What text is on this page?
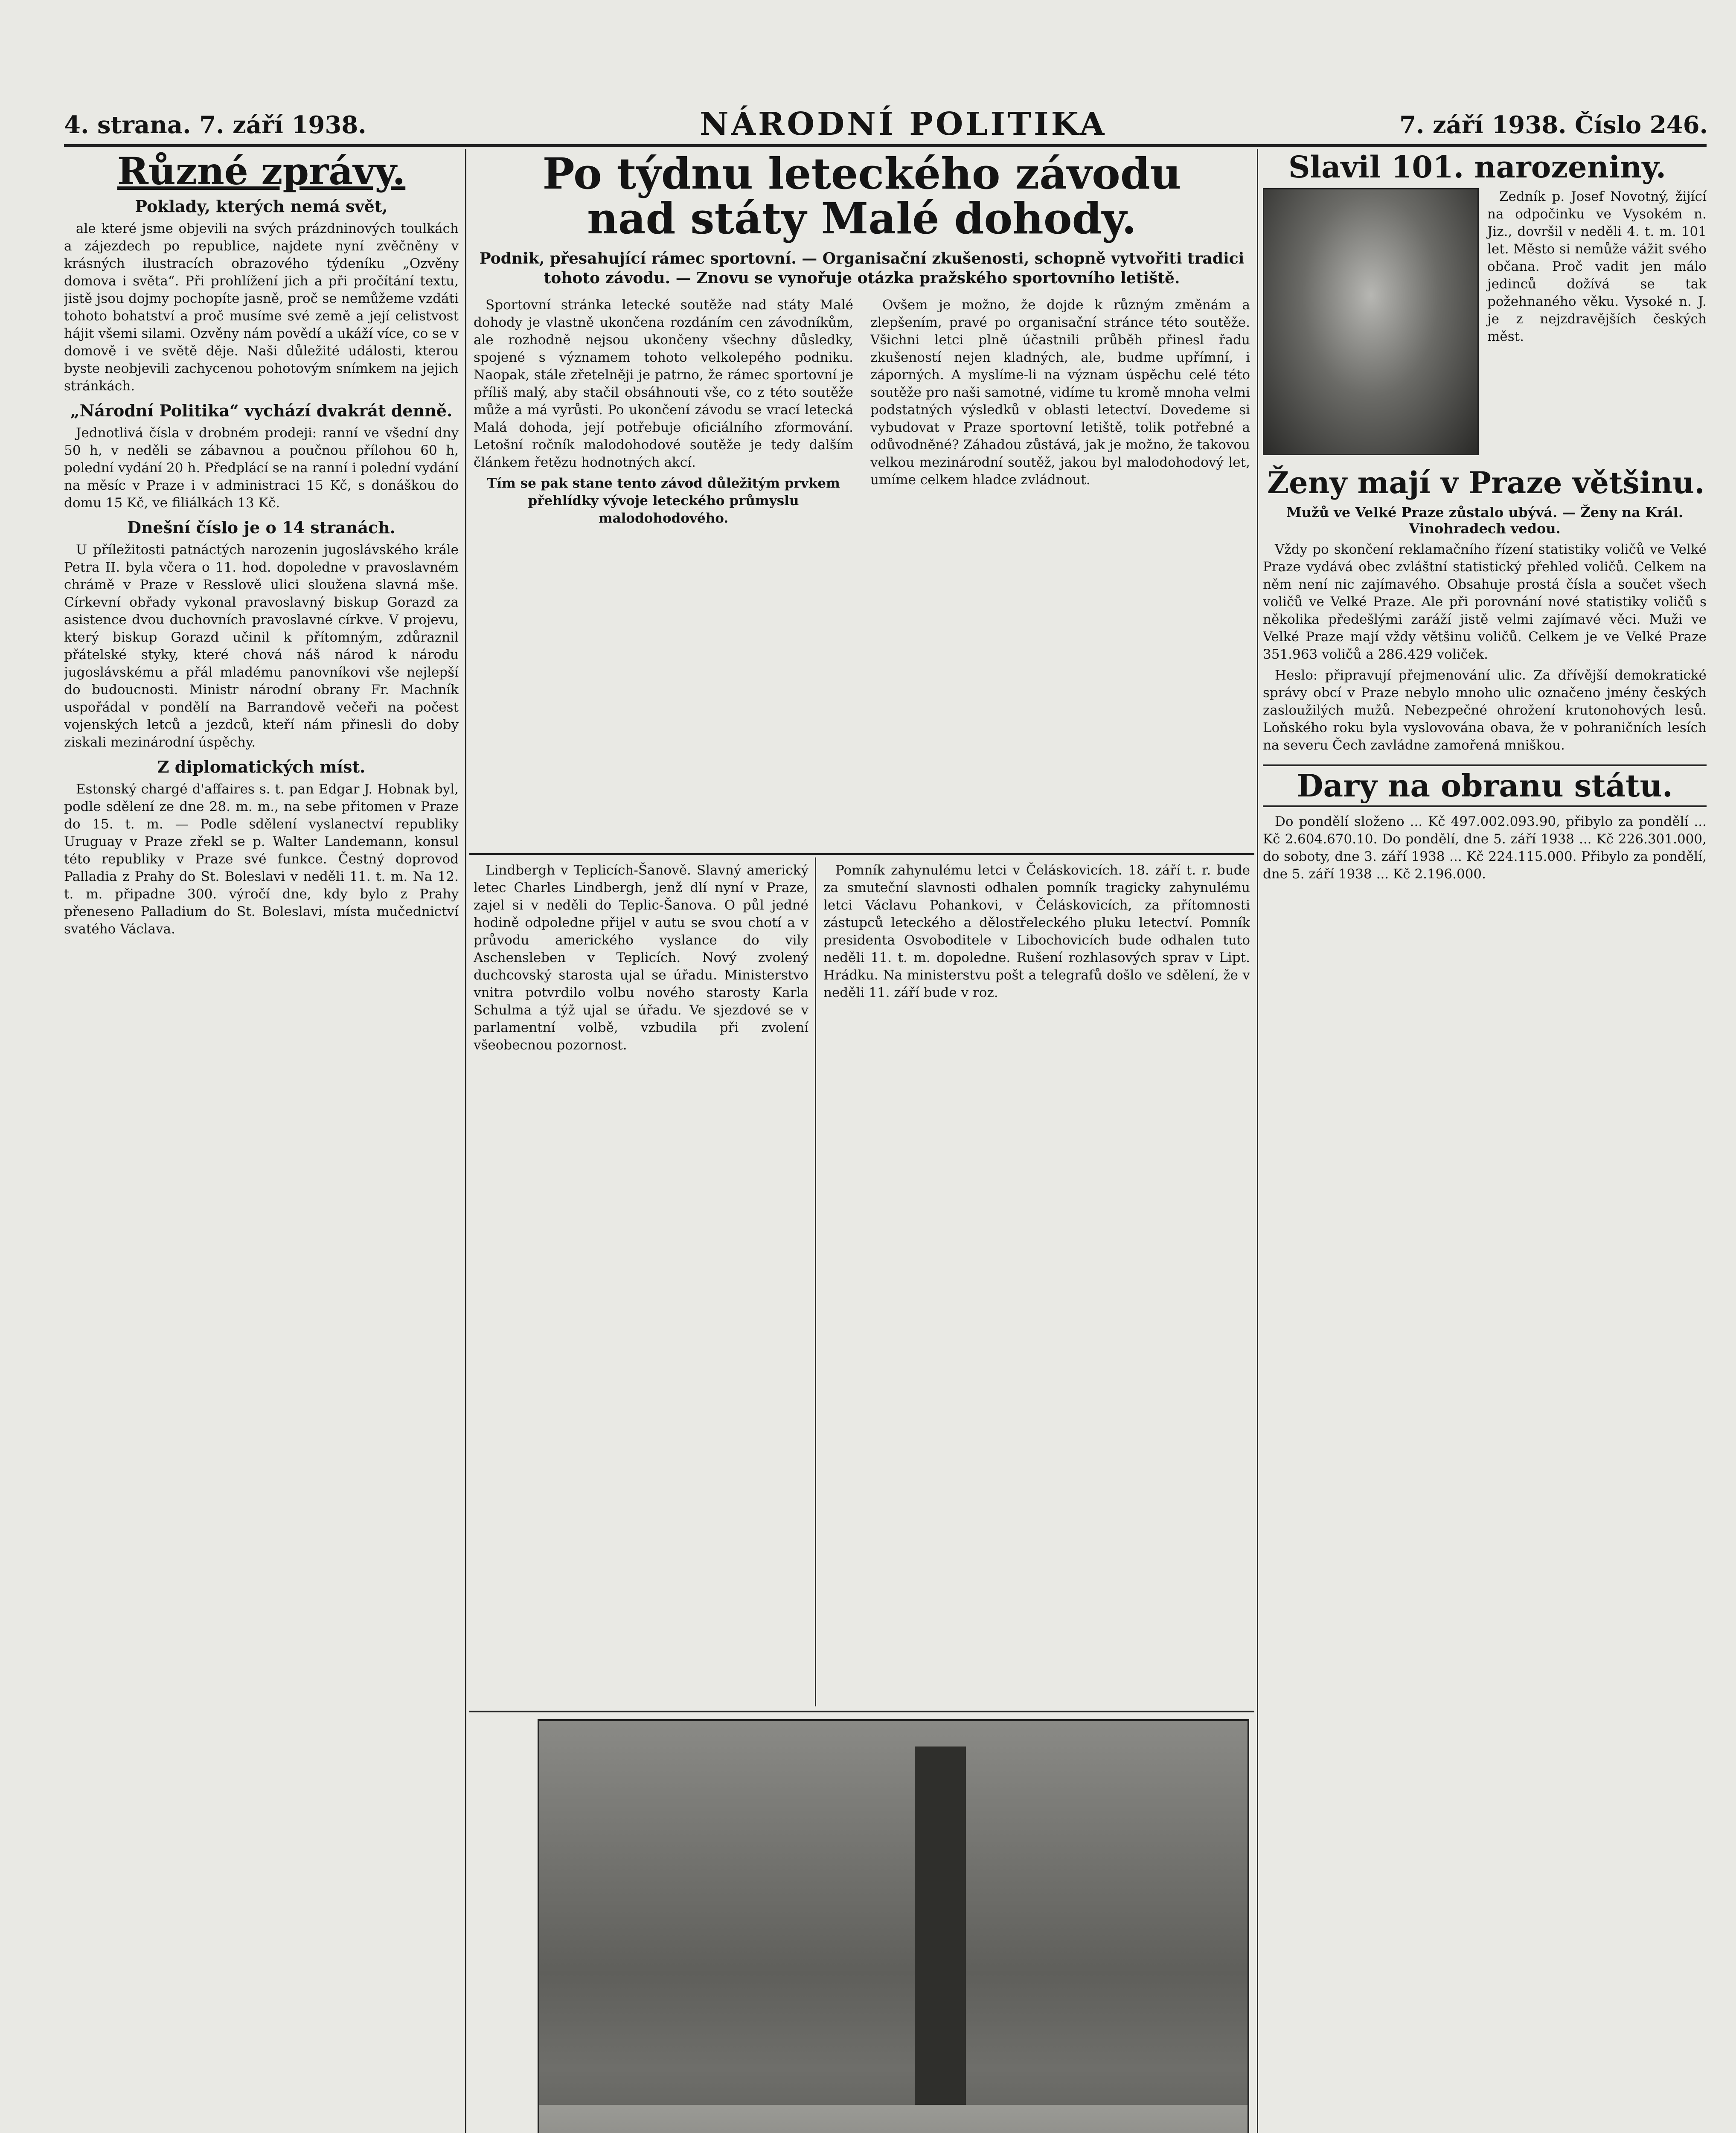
4. strana. 7. září 1938.	NÁRODNÍ POLITIKA	7. září 1938. Číslo 246.
Různé zprávy.
Poklady, kterých nemá svět,

ale které jsme objevili na svých prázdninových toulkách a zájezdech po republice, najdete nyní zvěčněny v krásných ilustracích obrazového týdeníku „Ozvěny domova i světa“. Při prohlížení jich a při pročítání textu, jistě jsou dojmy pochopíte jasně, proč se nemůžeme vzdáti tohoto bohatství a proč musíme své země a její celistvost hájit všemi silami. Ozvěny nám povědí a ukáží více, co se v domově i ve světě děje. Naši důležité události, kterou byste neobjevili zachycenou pohotovým snímkem na jejich stránkách.

„Národní Politika“ vychází dvakrát denně.

Jednotlivá čísla v drobném prodeji: ranní ve všední dny 50 h, v neděli se zábavnou a poučnou přílohou 60 h, polední vydání 20 h. Předplácí se na ranní i polední vydání na měsíc v Praze i v administraci 15 Kč, s donáškou do domu 15 Kč, ve filiálkách 13 Kč.

Dnešní číslo je o 14 stranách.

U příležitosti patnáctých narozenin jugoslávského krále Petra II. byla včera o 11. hod. dopoledne v pravoslavném chrámě v Praze v Resslově ulici sloužena slavná mše. Církevní obřady vykonal pravoslavný biskup Gorazd za asistence dvou duchovních pravoslavné církve. V projevu, který biskup Gorazd učinil k přítomným, zdůraznil přátelské styky, které chová náš národ k národu jugoslávskému a přál mladému panovníkovi vše nejlepší do budoucnosti. Ministr národní obrany Fr. Machník uspořádal v pondělí na Barrandově večeři na počest vojenských letců a jezdců, kteří nám přinesli do doby ziskali mezinárodní úspěchy.

Z diplomatických míst.

Estonský chargé d'affaires s. t. pan Edgar J. Hobnak byl, podle sdělení ze dne 28. m. m., na sebe přitomen v Praze do 15. t. m. — Podle sdělení vyslanectví republiky Uruguay v Praze zřekl se p. Walter Landemann, konsul této republiky v Praze své funkce. Čestný doprovod Palladia z Prahy do St. Boleslavi v neděli 11. t. m. Na 12. t. m. připadne 300. výročí dne, kdy bylo z Prahy přeneseno Palladium do St. Boleslavi, místa mučednictví svatého Václava.

Po týdnu leteckého závodu
nad státy Malé dohody.
Podnik, přesahující rámec sportovní. — Organisační zkušenosti, schopně vytvořiti tradici tohoto závodu. — Znovu se vynořuje otázka pražského sportovního letiště.

Sportovní stránka letecké soutěže nad státy Malé dohody je vlastně ukončena rozdáním cen závodníkům, ale rozhodně nejsou ukončeny všechny důsledky, spojené s významem tohoto velkolepého podniku. Naopak, stále zřetelněji je patrno, že rámec sportovní je příliš malý, aby stačil obsáhnouti vše, co z této soutěže může a má vyrůsti. Po ukončení závodu se vrací letecká Malá dohoda, její potřebuje oficiálního zformování. Letošní ročník malodohodové soutěže je tedy dalším článkem řetězu hodnotných akcí.

Tím se pak stane tento závod důležitým prvkem přehlídky vývoje leteckého průmyslu malodohodového.

Ovšem je možno, že dojde k různým změnám a zlepšením, pravé po organisační stránce této soutěže. Všichni letci plně účastnili průběh přinesl řadu zkušeností nejen kladných, ale, budme upřímní, i záporných. A myslíme-li na význam úspěchu celé této soutěže pro naši samotné, vidíme tu kromě mnoha velmi podstatných výsledků v oblasti letectví. Dovedeme si vybudovat v Praze sportovní letiště, tolik potřebné a odůvodněné? Záhadou zůstává, jak je možno, že takovou velkou mezinárodní soutěž, jakou byl malodohodový let, umíme celkem hladce zvládnout.

Lindbergh v Teplicích-Šanově. Slavný americký letec Charles Lindbergh, jenž dlí nyní v Praze, zajel si v neděli do Teplic-Šanova. O půl jedné hodině odpoledne přijel v autu se svou chotí a v průvodu amerického vyslance do vily Aschensleben v Teplicích. Nový zvolený duchcovský starosta ujal se úřadu. Ministerstvo vnitra potvrdilo volbu nového starosty Karla Schulma a týž ujal se úřadu. Ve sjezdové se v parlamentní volbě, vzbudila při zvolení všeobecnou pozornost.

Pomník zahynulému letci v Čeláskovicích. 18. září t. r. bude za smuteční slavnosti odhalen pomník tragicky zahynulému letci Václavu Pohankovi, v Čeláskovicích, za přítomnosti zástupců leteckého a dělostřeleckého pluku letectví. Pomník presidenta Osvoboditele v Libochovicích bude odhalen tuto neděli 11. t. m. dopoledne. Rušení rozhlasových sprav v Lipt. Hrádku. Na ministerstvu pošt a telegrafů došlo ve sdělení, že v neděli 11. září bude v roz.

Slavil 101. narozeniny.

Zedník p. Josef Novotný, žijící na odpočinku ve Vysokém n. Jiz., dovršil v neděli 4. t. m. 101 let. Město si nemůže vážit svého občana. Proč vadit jen málo jedinců dožívá se tak požehnaného věku. Vysoké n. J. je z nejzdravějších českých měst.

Ženy mají v Praze většinu.
Mužů ve Velké Praze zůstalo ubývá. — Ženy na Král. Vinohradech vedou.

Vždy po skončení reklamačního řízení statistiky voličů ve Velké Praze vydává obec zvláštní statistický přehled voličů. Celkem na něm není nic zajímavého. Obsahuje prostá čísla a součet všech voličů ve Velké Praze. Ale při porovnání nové statistiky voličů s několika předešlými zaráží jistě velmi zajímavé věci. Muži ve Velké Praze mají vždy většinu voličů. Celkem je ve Velké Praze 351.963 voličů a 286.429 voliček.

Heslo: připravují přejmenování ulic. Za dřívější demokratické správy obcí v Praze nebylo mnoho ulic označeno jmény českých zasloužilých mužů. Nebezpečné ohrožení krutonohových lesů. Loňského roku byla vyslovována obava, že v pohraničních lesích na severu Čech zavládne zamořená mniškou.

Dary na obranu státu.

Do pondělí složeno ... Kč 497.002.093.90, přibylo za pondělí ... Kč 2.604.670.10. Do pondělí, dne 5. září 1938 ... Kč 226.301.000, do soboty, dne 3. září 1938 ... Kč 224.115.000. Přibylo za pondělí, dne 5. září 1938 ... Kč 2.196.000.
